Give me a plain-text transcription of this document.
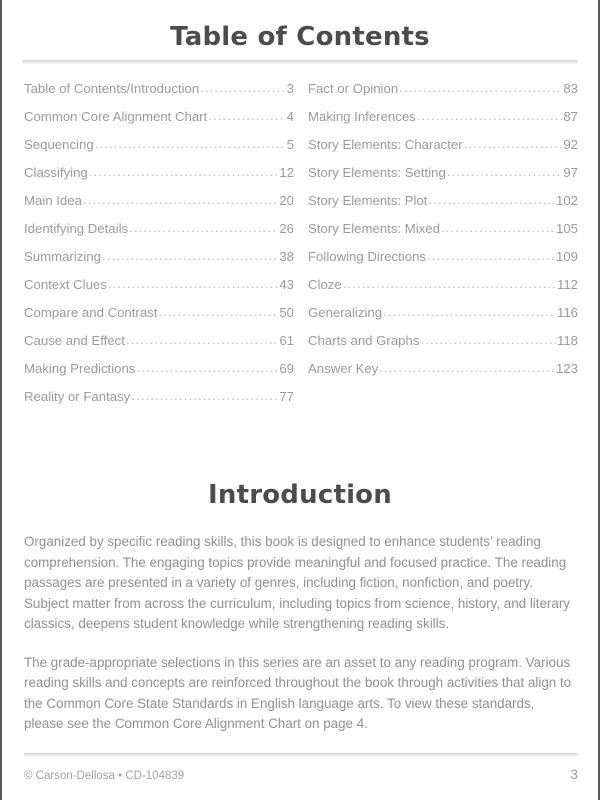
Table of Contents
Table of Contents/Introduction .....	3
Common Core Alignment Chart .....	4
Sequencing .....	5
Classifying .....	12
Main Idea .....	20
Identifying Details .....	26
Summarizing .....	38
Context Clues .....	43
Compare and Contrast .....	50
Cause and Effect .....	61
Making Predictions .....	69
Reality or Fantasy .....	77
Fact or Opinion .....	83
Making Inferences .....	87
Story Elements: Character .....	92
Story Elements: Setting .....	97
Story Elements: Plot .....	102
Story Elements: Mixed .....	105
Following Directions .....	109
Cloze .....	112
Generalizing .....	116
Charts and Graphs .....	118
Answer Key .....	123
Introduction

Organized by specific reading skills, this book is designed to enhance students’ reading comprehension. The engaging topics provide meaningful and focused practice. The reading passages are presented in a variety of genres, including fiction, nonfiction, and poetry. Subject matter from across the curriculum, including topics from science, history, and literary classics, deepens student knowledge while strengthening reading skills.

The grade-appropriate selections in this series are an asset to any reading program. Various reading skills and concepts are reinforced throughout the book through activities that align to the Common Core State Standards in English language arts. To view these standards, please see the Common Core Alignment Chart on page 4.

© Carson-Dellosa • CD-104839	3
